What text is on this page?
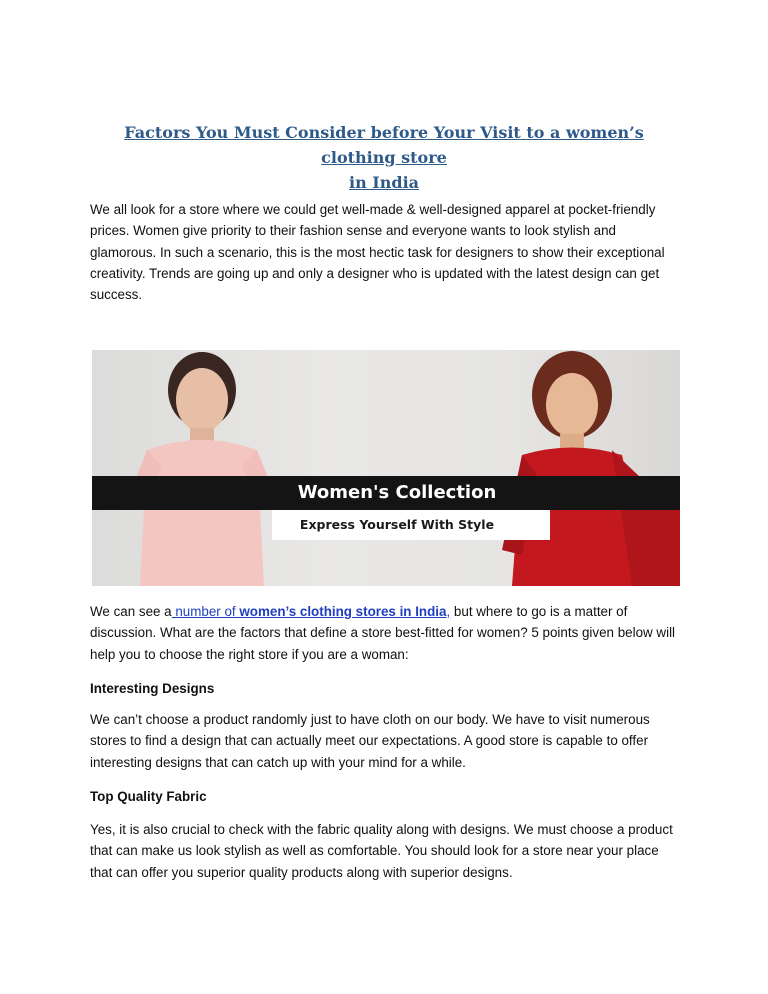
Factors You Must Consider before Your Visit to a women’s clothing store
in India
We all look for a store where we could get well-made & well-designed apparel at pocket-friendly prices. Women give priority to their fashion sense and everyone wants to look stylish and glamorous. In such a scenario, this is the most hectic task for designers to show their exceptional creativity. Trends are going up and only a designer who is updated with the latest design can get success.
Women's Collection
Express Yourself With Style
We can see a number of women’s clothing stores in India, but where to go is a matter of discussion. What are the factors that define a store best-fitted for women? 5 points given below will help you to choose the right store if you are a woman:
Interesting Designs
We can’t choose a product randomly just to have cloth on our body. We have to visit numerous stores to find a design that can actually meet our expectations. A good store is capable to offer interesting designs that can catch up with your mind for a while.
Top Quality Fabric
Yes, it is also crucial to check with the fabric quality along with designs. We must choose a product that can make us look stylish as well as comfortable. You should look for a store near your place that can offer you superior quality products along with superior designs.
